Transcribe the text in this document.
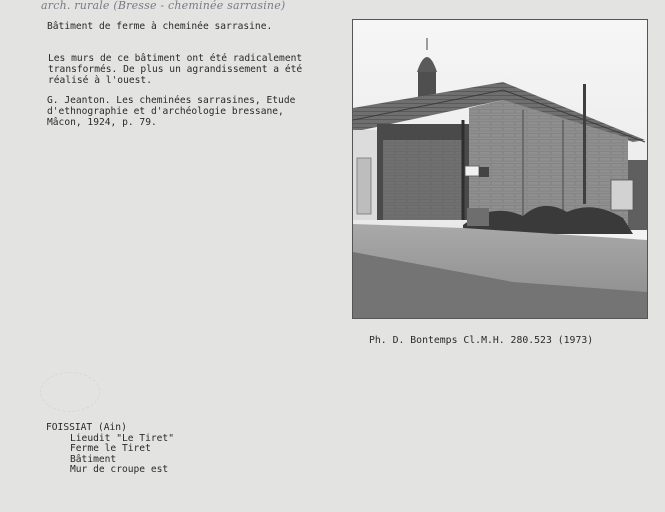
arch. rurale (Bresse - cheminée sarrasine)
Bâtiment de ferme à cheminée sarrasine.
Les murs de ce bâtiment ont été radicalement
transformés. De plus un agrandissement a été
réalisé à l'ouest.
G. Jeanton. Les cheminées sarrasines, Etude
d'ethnographie et d'archéologie bressane,
Mâcon, 1924, p. 79.
Ph. D. Bontemps Cl.M.H. 280.523 (1973)
FOISSIAT (Ain)
Lieudit "Le Tiret"
Ferme le Tiret
Bâtiment
Mur de croupe est
